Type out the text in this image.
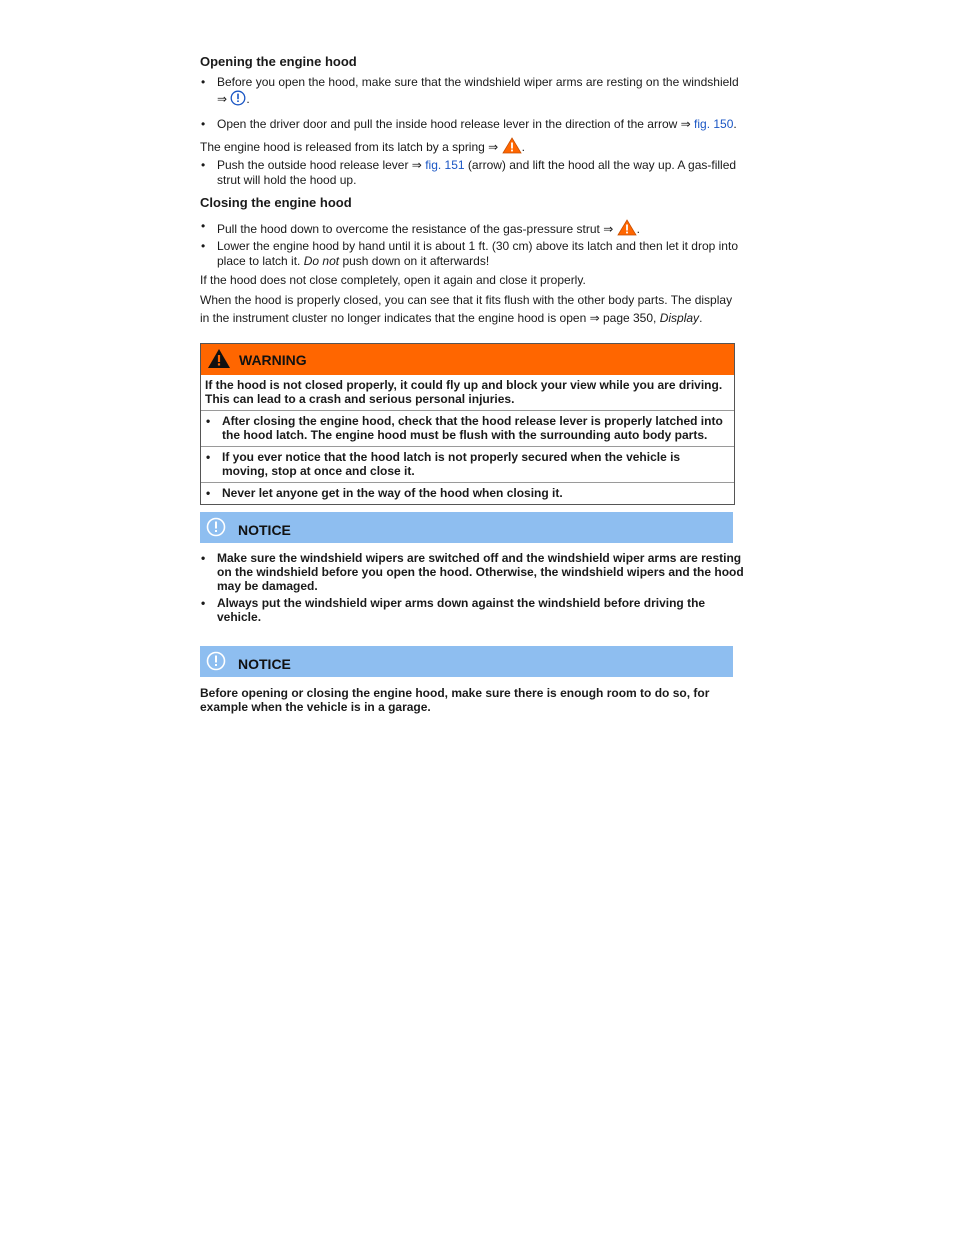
Opening the engine hood

• Before you open the hood, make sure that the windshield wiper arms are resting on the windshield
⇒ .

• Open the driver door and pull the inside hood release lever in the direction of the arrow ⇒ fig. 150.

The engine hood is released from its latch by a spring ⇒ .

• Push the outside hood release lever ⇒ fig. 151 (arrow) and lift the hood all the way up. A gas-filled strut will hold the hood up.

Closing the engine hood

• Pull the hood down to overcome the resistance of the gas-pressure strut ⇒ .

• Lower the engine hood by hand until it is about 1 ft. (30 cm) above its latch and then let it drop into place to latch it. Do not push down on it afterwards!

If the hood does not close completely, open it again and close it properly.

When the hood is properly closed, you can see that it fits flush with the other body parts. The display

in the instrument cluster no longer indicates that the engine hood is open ⇒ page 350, Display.

WARNING
If the hood is not closed properly, it could fly up and block your view while you are driving. This can lead to a crash and serious personal injuries.
• After closing the engine hood, check that the hood release lever is properly latched into the hood latch. The engine hood must be flush with the surrounding auto body parts.
• If you ever notice that the hood latch is not properly secured when the vehicle is moving, stop at once and close it.
• Never let anyone get in the way of the hood when closing it.
NOTICE

• Make sure the windshield wipers are switched off and the windshield wiper arms are resting on the windshield before you open the hood. Otherwise, the windshield wipers and the hood may be damaged.

• Always put the windshield wiper arms down against the windshield before driving the vehicle.

NOTICE

Before opening or closing the engine hood, make sure there is enough room to do so, for example when the vehicle is in a garage.
